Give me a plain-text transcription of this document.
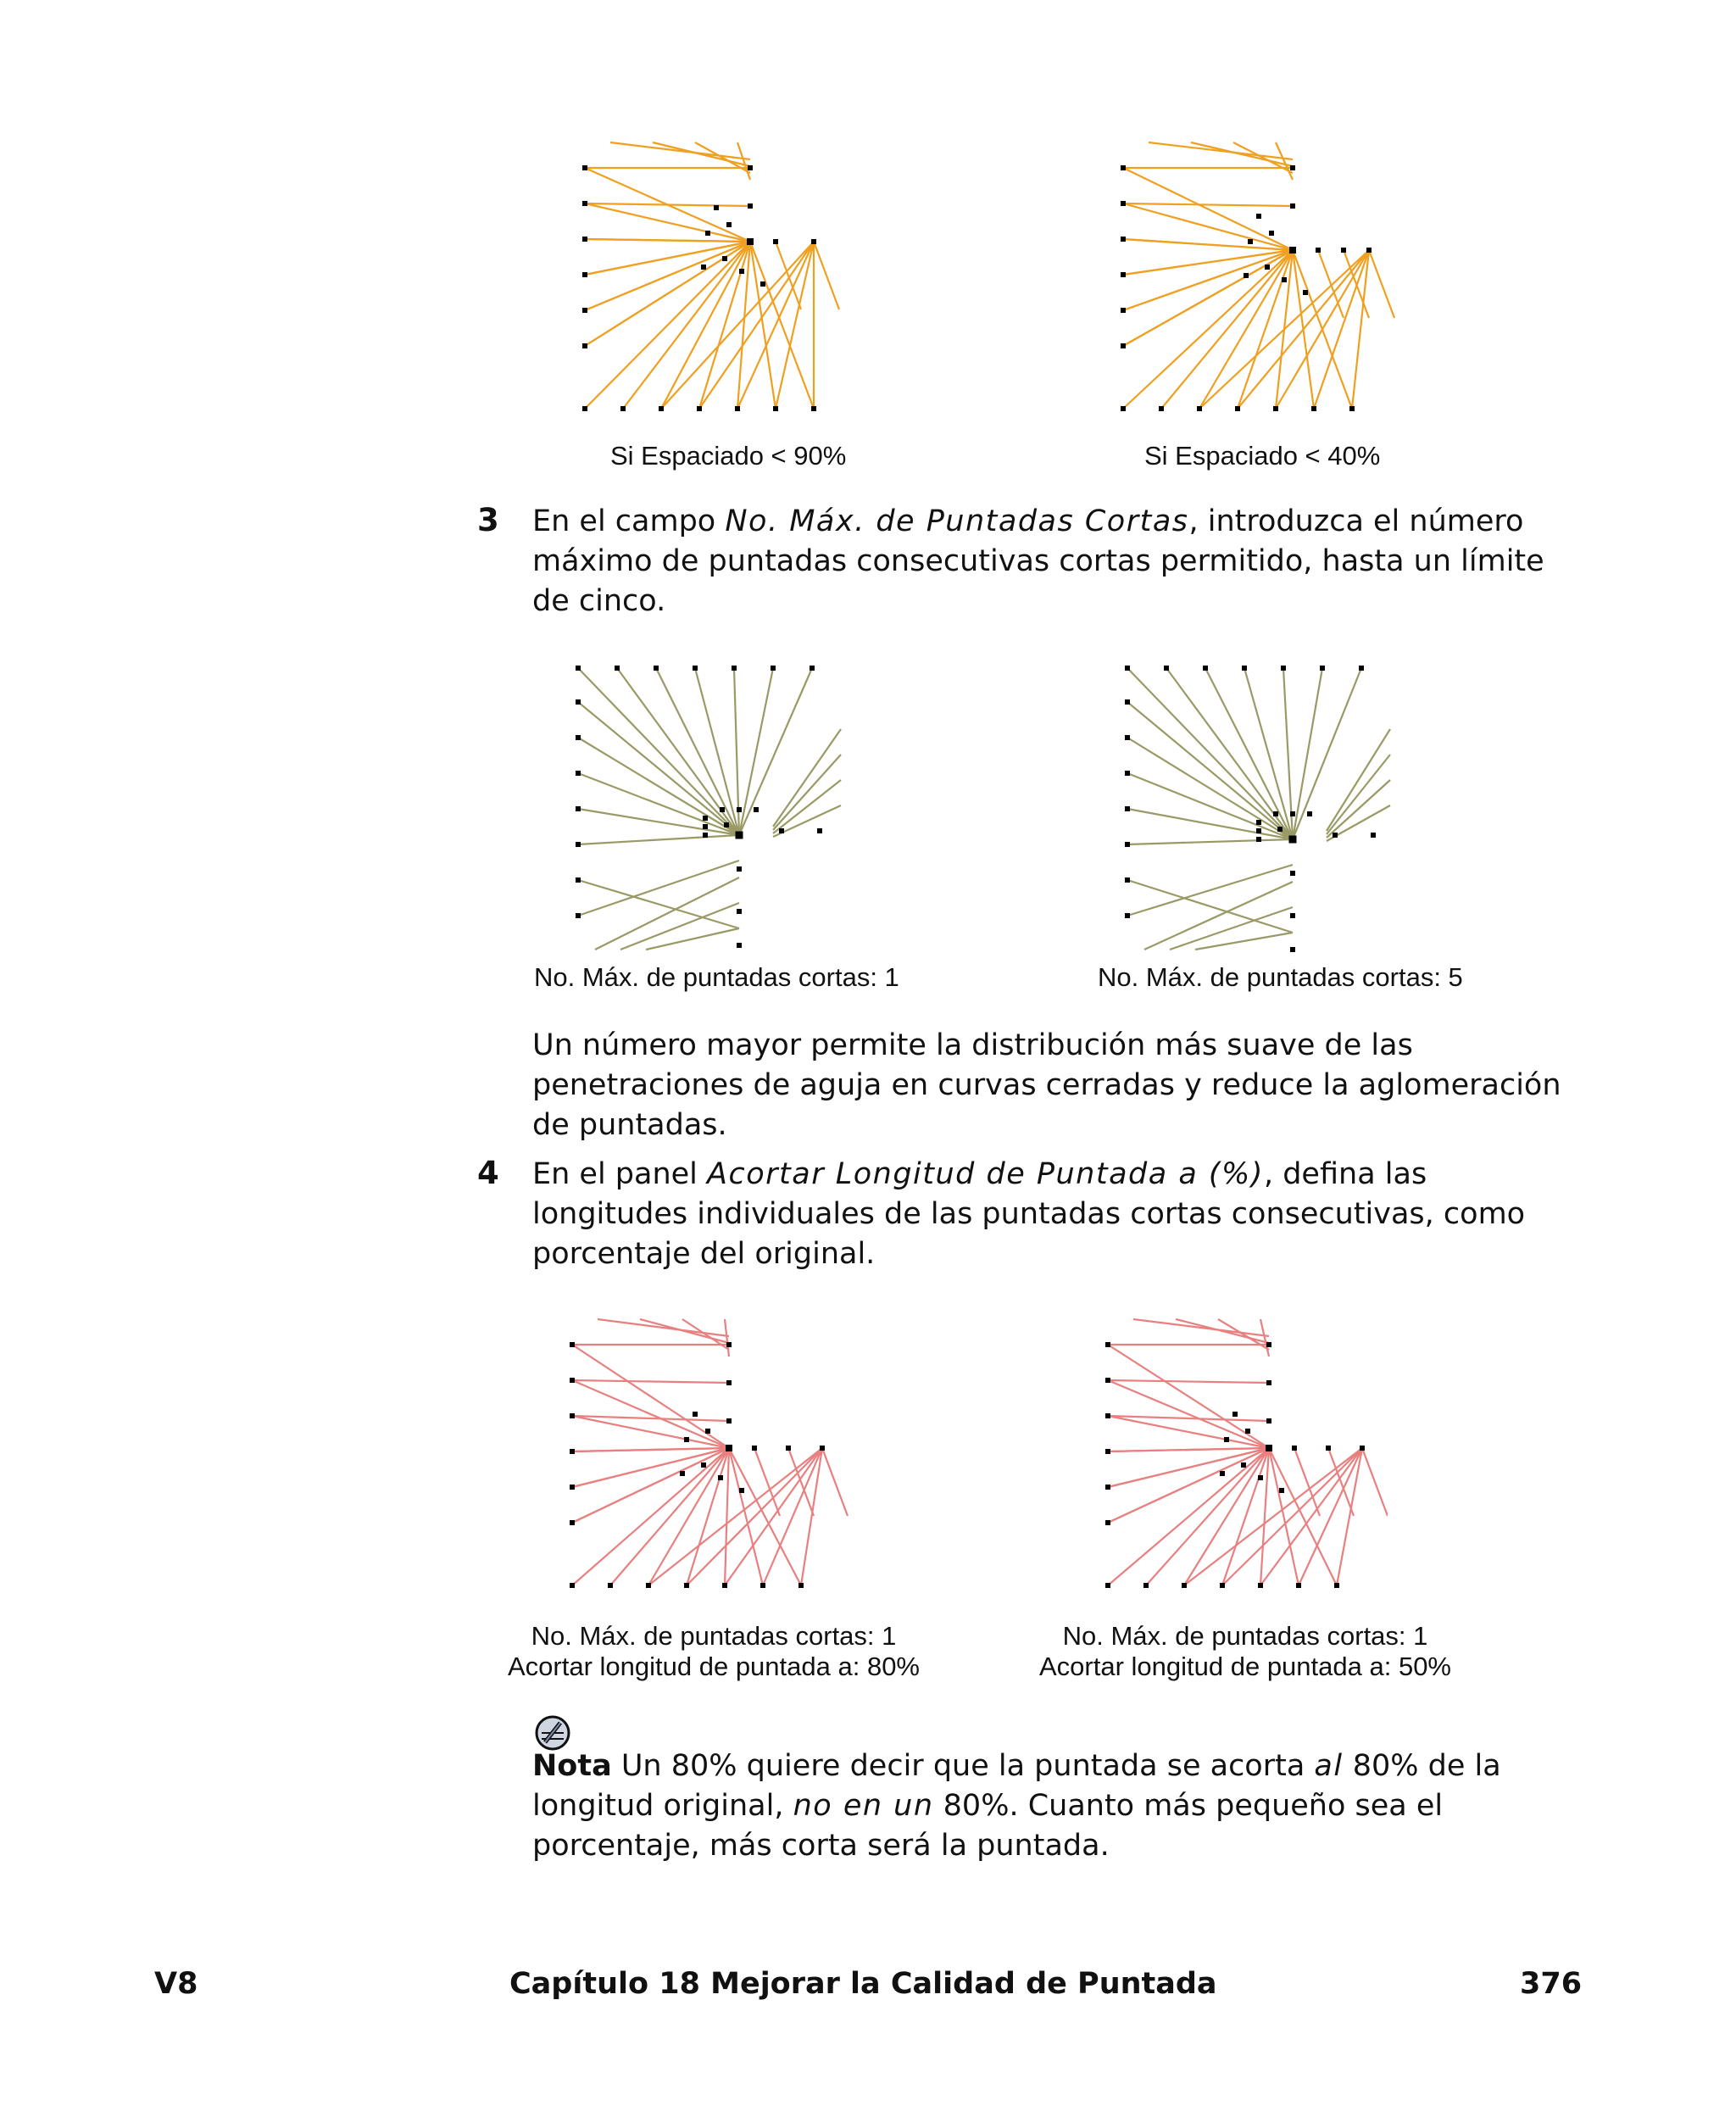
Si Espaciado < 90%	Si Espaciado < 40%
3 En el campo No. Máx. de Puntadas Cortas, introduzca el número máximo de puntadas consecutivas cortas permitido, hasta un límite de cinco.
No. Máx. de puntadas cortas: 1	No. Máx. de puntadas cortas: 5
Un número mayor permite la distribución más suave de las penetraciones de aguja en curvas cerradas y reduce la aglomeración de puntadas.
4 En el panel Acortar Longitud de Puntada a (%), defina las longitudes individuales de las puntadas cortas consecutivas, como porcentaje del original.
No. Máx. de puntadas cortas: 1
Acortar longitud de puntada a: 80%
No. Máx. de puntadas cortas: 1
Acortar longitud de puntada a: 50%
Nota Un 80% quiere decir que la puntada se acorta al 80% de la longitud original, no en un 80%. Cuanto más pequeño sea el porcentaje, más corta será la puntada.
V8	Capítulo 18 Mejorar la Calidad de Puntada	376
